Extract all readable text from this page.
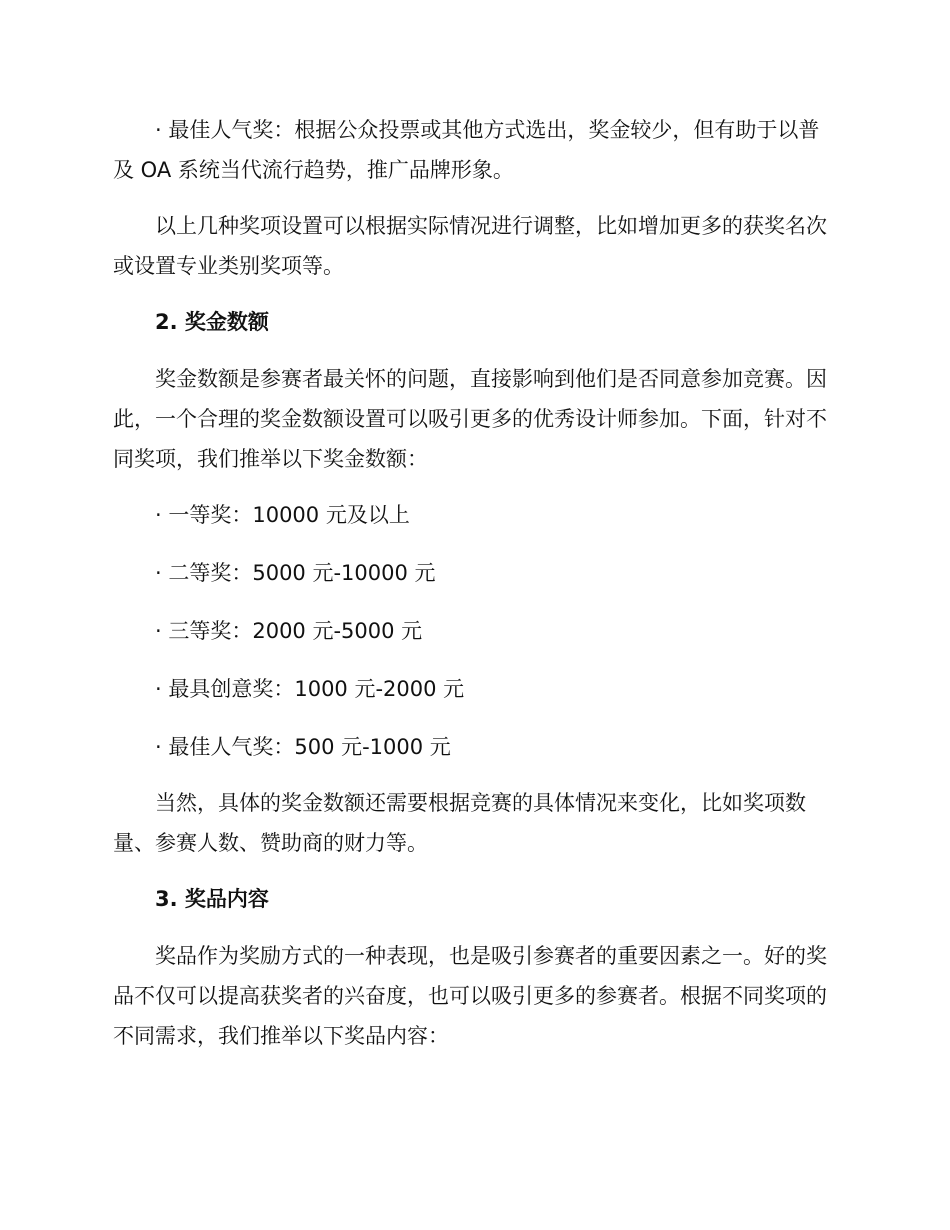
· 最佳人气奖：根据公众投票或其他方式选出，奖金较少，但有助于以普及 OA 系统当代流行趋势，推广品牌形象。

以上几种奖项设置可以根据实际情况进行调整，比如增加更多的获奖名次或设置专业类别奖项等。

2. 奖金数额

奖金数额是参赛者最关怀的问题，直接影响到他们是否同意参加竞赛。因此，一个合理的奖金数额设置可以吸引更多的优秀设计师参加。下面，针对不同奖项，我们推举以下奖金数额：

· 一等奖：10000 元及以上

· 二等奖：5000 元-10000 元

· 三等奖：2000 元-5000 元

· 最具创意奖：1000 元-2000 元

· 最佳人气奖：500 元-1000 元

当然，具体的奖金数额还需要根据竞赛的具体情况来变化，比如奖项数量、参赛人数、赞助商的财力等。

3. 奖品内容

奖品作为奖励方式的一种表现，也是吸引参赛者的重要因素之一。好的奖品不仅可以提高获奖者的兴奋度，也可以吸引更多的参赛者。根据不同奖项的不同需求，我们推举以下奖品内容：
